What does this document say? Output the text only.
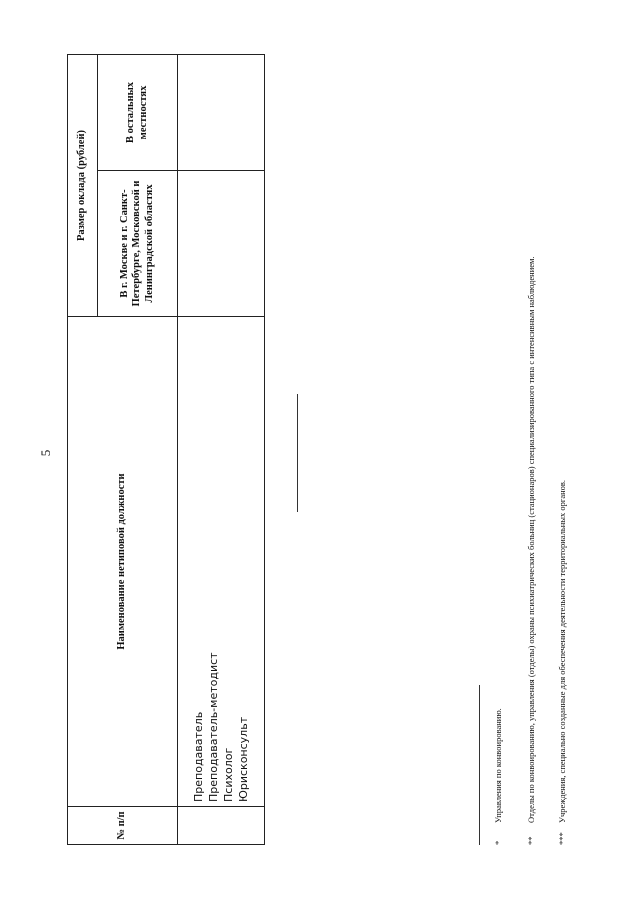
5
№ п/п	Наименование нетиповой должности	Размер оклада (рублей)	
		В г. Москве и г. Санкт-Петербурге, Московской и Ленинградской областях	В остальных местностях

	Преподаватель Преподаватель-методист Психолог Юрисконсульт		

*Управления по конвоированию.
**Отделы по конвоированию, управления (отделы) охраны психиатрических больниц (стационаров) специализированного типа с интенсивным наблюдением.
***Учреждения, специально созданные для обеспечения деятельности территориальных органов.
